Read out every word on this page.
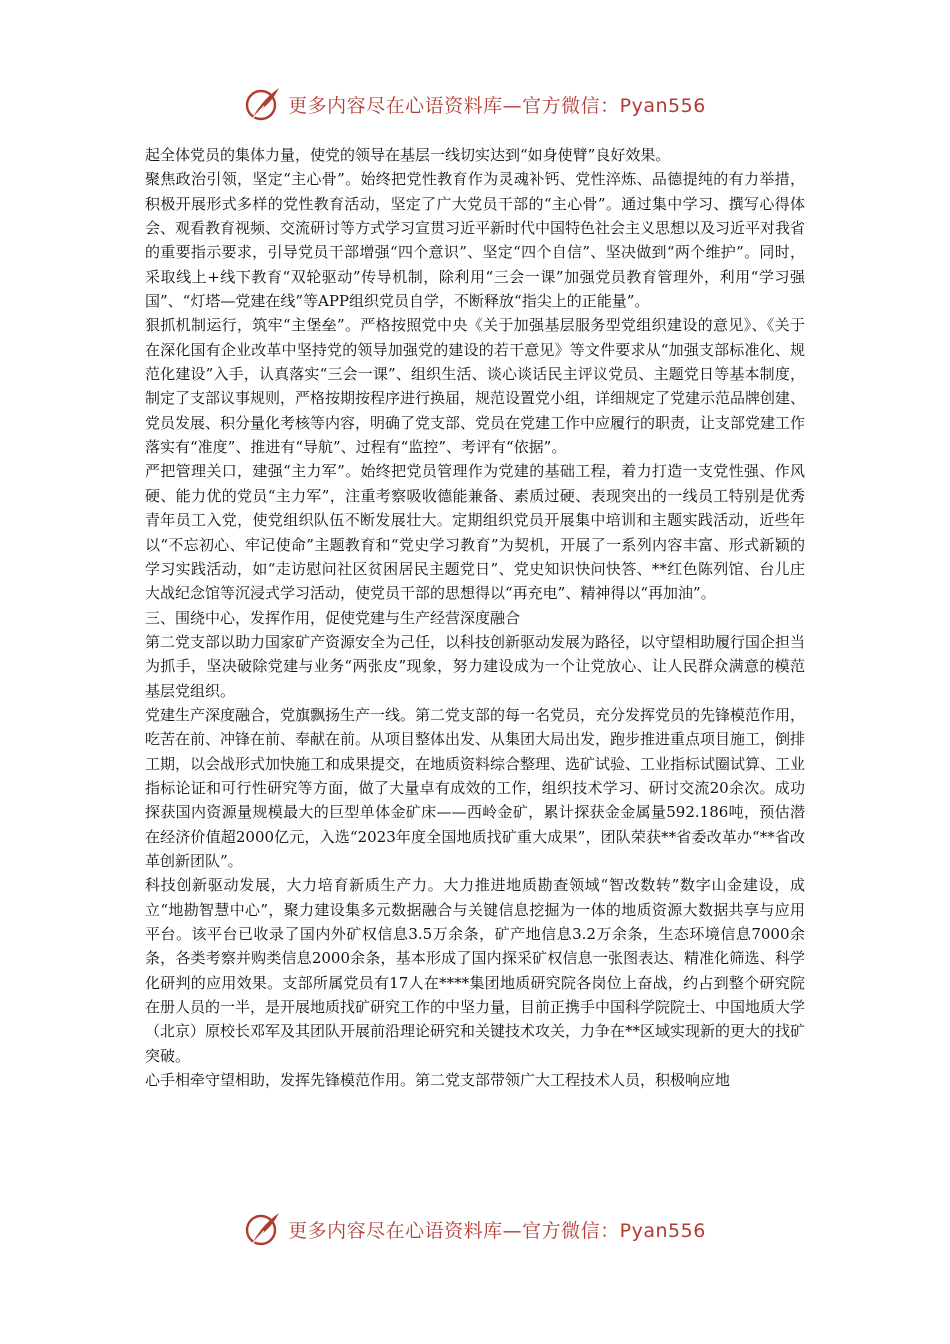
更多内容尽在心语资料库—官方微信：Pyan556

起全体党员的集体力量，使党的领导在基层一线切实达到“如身使臂”良好效果。

聚焦政治引领，坚定“主心骨”。始终把党性教育作为灵魂补钙、党性淬炼、品德提纯的有力举措，积极开展形式多样的党性教育活动，坚定了广大党员干部的“主心骨”。通过集中学习、撰写心得体会、观看教育视频、交流研讨等方式学习宣贯习近平新时代中国特色社会主义思想以及习近平对我省的重要指示要求，引导党员干部增强“四个意识”、坚定“四个自信”、坚决做到“两个维护”。同时，采取线上+线下教育“双轮驱动”传导机制，除利用“三会一课”加强党员教育管理外，利用“学习强国”、“灯塔—党建在线”等APP组织党员自学，不断释放“指尖上的正能量”。

狠抓机制运行，筑牢“主堡垒”。严格按照党中央《关于加强基层服务型党组织建设的意见》、《关于在深化国有企业改革中坚持党的领导加强党的建设的若干意见》等文件要求从“加强支部标准化、规范化建设”入手，认真落实“三会一课”、组织生活、谈心谈话民主评议党员、主题党日等基本制度，制定了支部议事规则，严格按期按程序进行换届，规范设置党小组，详细规定了党建示范品牌创建、党员发展、积分量化考核等内容，明确了党支部、党员在党建工作中应履行的职责，让支部党建工作落实有“准度”、推进有“导航”、过程有“监控”、考评有“依据”。

严把管理关口，建强“主力军”。始终把党员管理作为党建的基础工程，着力打造一支党性强、作风硬、能力优的党员“主力军”，注重考察吸收德能兼备、素质过硬、表现突出的一线员工特别是优秀青年员工入党，使党组织队伍不断发展壮大。定期组织党员开展集中培训和主题实践活动，近些年以“不忘初心、牢记使命”主题教育和“党史学习教育”为契机，开展了一系列内容丰富、形式新颖的学习实践活动，如“走访慰问社区贫困居民主题党日”、党史知识快问快答、**红色陈列馆、台儿庄大战纪念馆等沉浸式学习活动，使党员干部的思想得以“再充电”、精神得以“再加油”。

三、围绕中心，发挥作用，促使党建与生产经营深度融合

第二党支部以助力国家矿产资源安全为己任，以科技创新驱动发展为路径，以守望相助履行国企担当为抓手，坚决破除党建与业务“两张皮”现象，努力建设成为一个让党放心、让人民群众满意的模范基层党组织。

党建生产深度融合，党旗飘扬生产一线。第二党支部的每一名党员，充分发挥党员的先锋模范作用，吃苦在前、冲锋在前、奉献在前。从项目整体出发、从集团大局出发，跑步推进重点项目施工，倒排工期，以会战形式加快施工和成果提交，在地质资料综合整理、选矿试验、工业指标试圈试算、工业指标论证和可行性研究等方面，做了大量卓有成效的工作，组织技术学习、研讨交流20余次。成功探获国内资源量规模最大的巨型单体金矿床——西岭金矿，累计探获金金属量592.186吨，预估潜在经济价值超2000亿元，入选“2023年度全国地质找矿重大成果”，团队荣获**省委改革办“**省改革创新团队”。

科技创新驱动发展，大力培育新质生产力。大力推进地质勘查领域“智改数转”数字山金建设，成立“地勘智慧中心”，聚力建设集多元数据融合与关键信息挖掘为一体的地质资源大数据共享与应用平台。该平台已收录了国内外矿权信息3.5万余条，矿产地信息3.2万余条，生态环境信息7000余条，各类考察并购类信息2000余条，基本形成了国内探采矿权信息一张图表达、精准化筛选、科学化研判的应用效果。支部所属党员有17人在****集团地质研究院各岗位上奋战，约占到整个研究院在册人员的一半，是开展地质找矿研究工作的中坚力量，目前正携手中国科学院院士、中国地质大学（北京）原校长邓军及其团队开展前沿理论研究和关键技术攻关，力争在**区域实现新的更大的找矿突破。

心手相牵守望相助，发挥先锋模范作用。第二党支部带领广大工程技术人员，积极响应地

更多内容尽在心语资料库—官方微信：Pyan556
